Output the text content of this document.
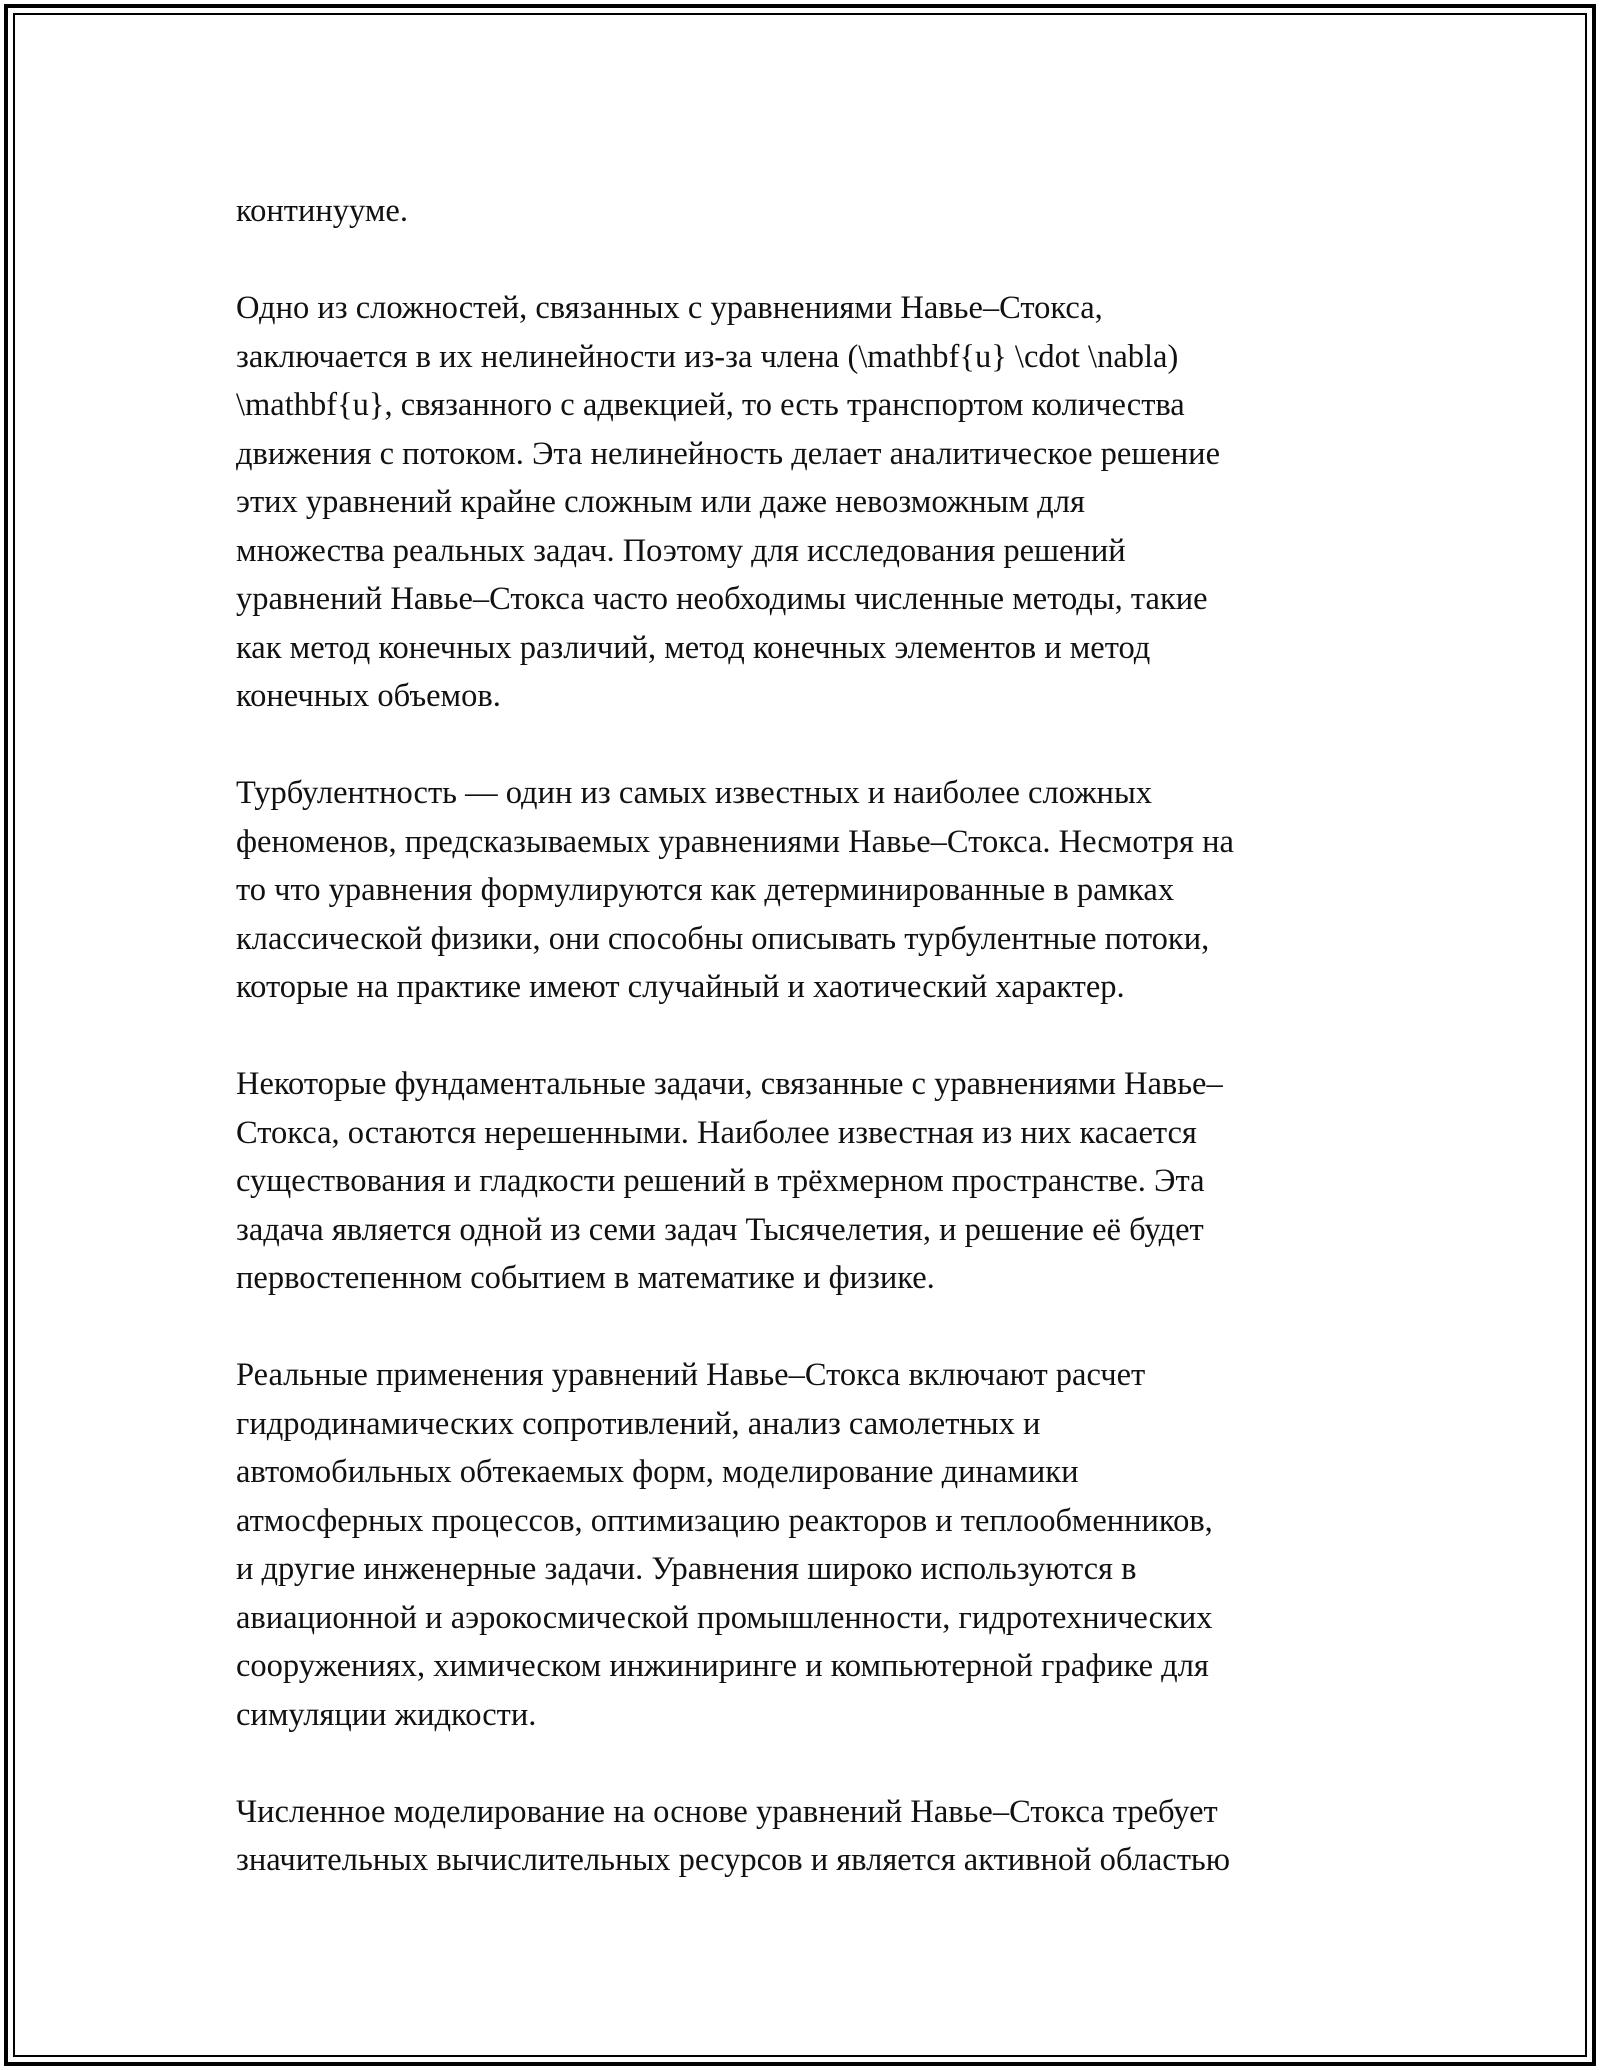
континууме.
Одно из сложностей, связанных с уравнениями Навье–Стокса,
заключается в их нелинейности из-за члена (\mathbf{u} \cdot \nabla)
\mathbf{u}, связанного с адвекцией, то есть транспортом количества
движения с потоком. Эта нелинейность делает аналитическое решение
этих уравнений крайне сложным или даже невозможным для
множества реальных задач. Поэтому для исследования решений
уравнений Навье–Стокса часто необходимы численные методы, такие
как метод конечных различий, метод конечных элементов и метод
конечных объемов.
Турбулентность — один из самых известных и наиболее сложных
феноменов, предсказываемых уравнениями Навье–Стокса. Несмотря на
то что уравнения формулируются как детерминированные в рамках
классической физики, они способны описывать турбулентные потоки,
которые на практике имеют случайный и хаотический характер.
Некоторые фундаментальные задачи, связанные с уравнениями Навье–
Стокса, остаются нерешенными. Наиболее известная из них касается
существования и гладкости решений в трёхмерном пространстве. Эта
задача является одной из семи задач Тысячелетия, и решение её будет
первостепенном событием в математике и физике.
Реальные применения уравнений Навье–Стокса включают расчет
гидродинамических сопротивлений, анализ самолетных и
автомобильных обтекаемых форм, моделирование динамики
атмосферных процессов, оптимизацию реакторов и теплообменников,
и другие инженерные задачи. Уравнения широко используются в
авиационной и аэрокосмической промышленности, гидротехнических
сооружениях, химическом инжиниринге и компьютерной графике для
симуляции жидкости.
Численное моделирование на основе уравнений Навье–Стокса требует
значительных вычислительных ресурсов и является активной областью
